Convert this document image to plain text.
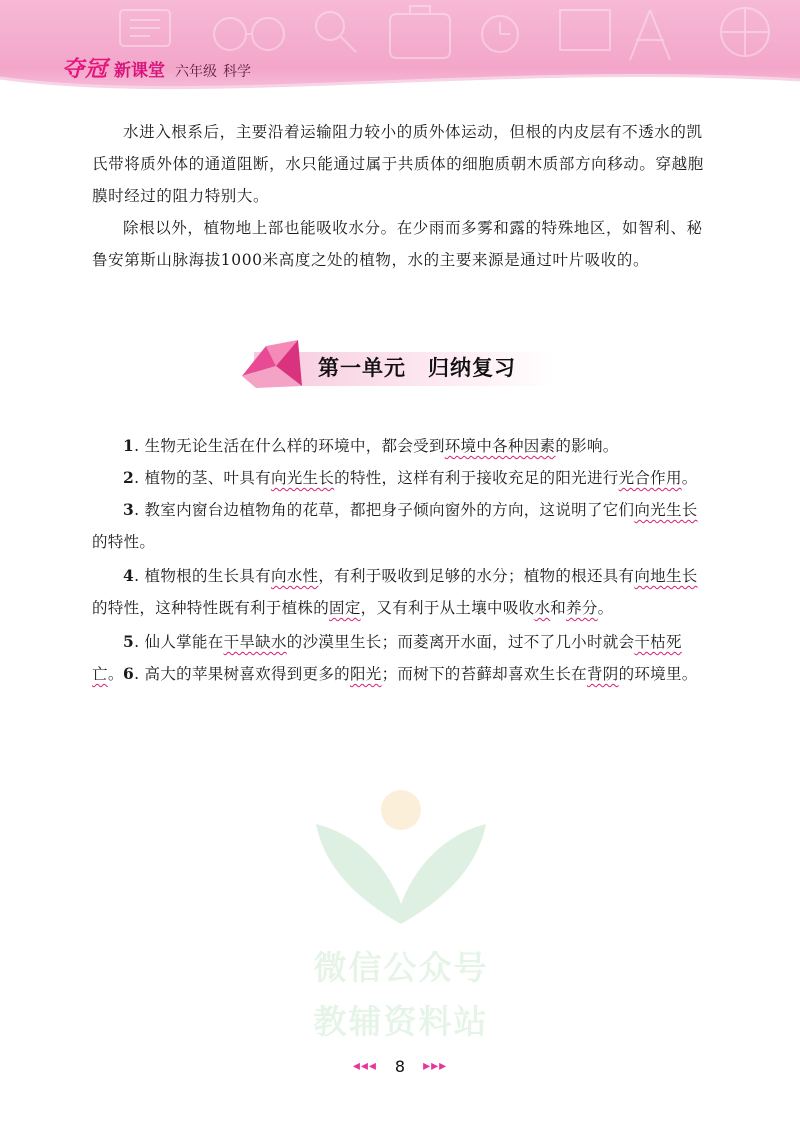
夺冠 新课堂 六年级 科学

水进入根系后，主要沿着运输阻力较小的质外体运动，但根的内皮层有不透水的凯氏带将质外体的通道阻断，水只能通过属于共质体的细胞质朝木质部方向移动。穿越胞膜时经过的阻力特别大。

除根以外，植物地上部也能吸收水分。在少雨而多雾和露的特殊地区，如智利、秘鲁安第斯山脉海拔1000米高度之处的植物，水的主要来源是通过叶片吸收的。

第一单元　归纳复习

1. 生物无论生活在什么样的环境中，都会受到环境中各种因素的影响。

2. 植物的茎、叶具有向光生长的特性，这样有利于接收充足的阳光进行光合作用。

3. 教室内窗台边植物角的花草，都把身子倾向窗外的方向，这说明了它们向光生长的特性。

4. 植物根的生长具有向水性，有利于吸收到足够的水分；植物的根还具有向地生长的特性，这种特性既有利于植株的固定，又有利于从土壤中吸收水和养分。

5. 仙人掌能在干旱缺水的沙漠里生长；而菱离开水面，过不了几小时就会干枯死亡。 6. 高大的苹果树喜欢得到更多的阳光；而树下的苔藓却喜欢生长在背阴的环境里。

微信公众号
教辅资料站
◂◂◂ 8 ▸▸▸
